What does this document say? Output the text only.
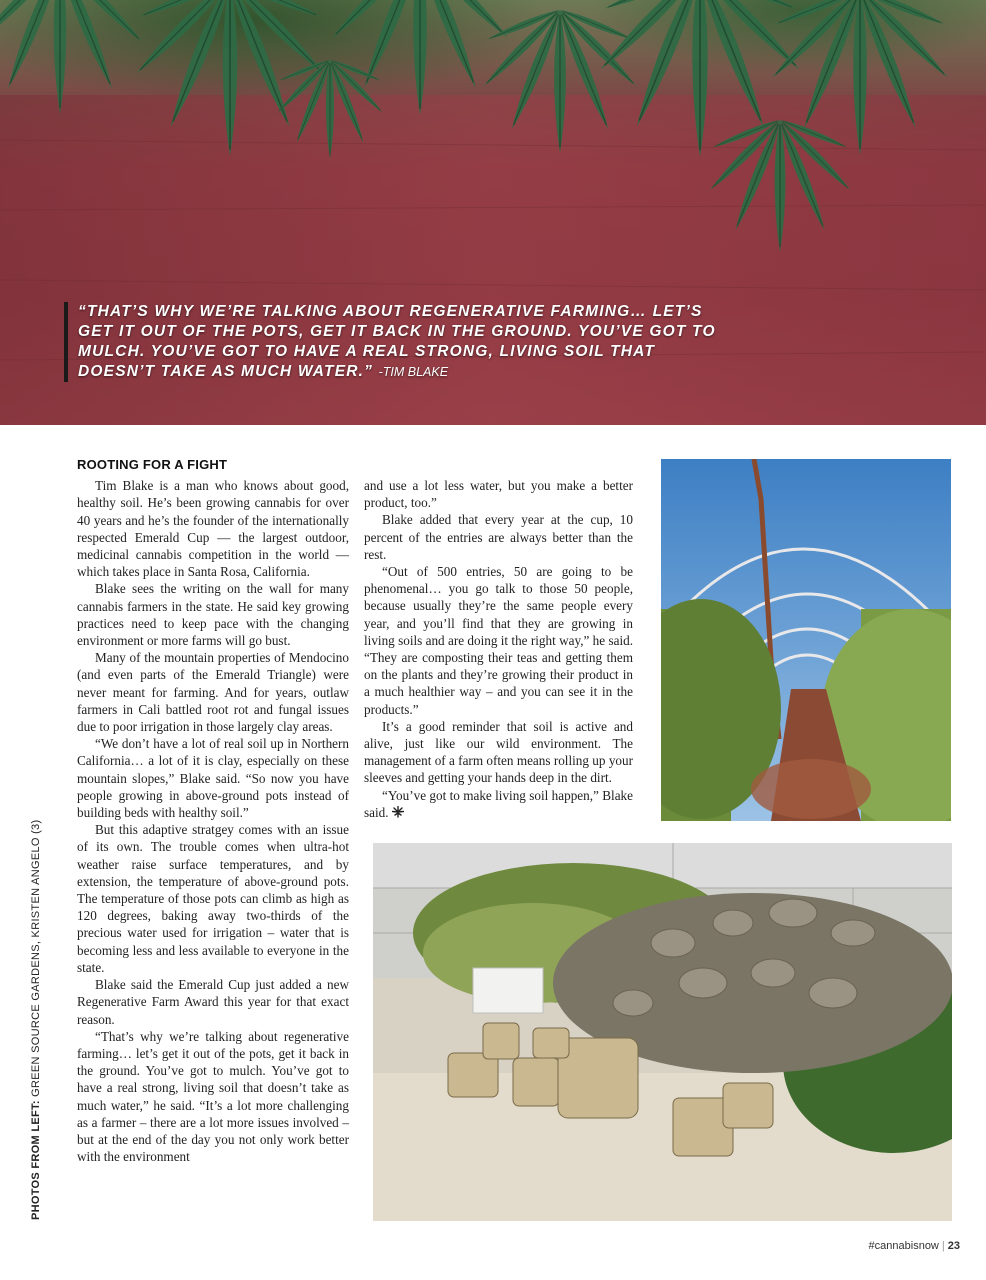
“THAT’S WHY WE’RE TALKING ABOUT REGENERATIVE FARMING… LET’S GET IT OUT OF THE POTS, GET IT BACK IN THE GROUND. YOU’VE GOT TO MULCH. YOU’VE GOT TO HAVE A REAL STRONG, LIVING SOIL THAT DOESN’T TAKE AS MUCH WATER.” -TIM BLAKE
ROOTING FOR A FIGHT

Tim Blake is a man who knows about good, healthy soil. He’s been growing cannabis for over 40 years and he’s the founder of the internationally respected Emerald Cup — the largest outdoor, medicinal cannabis competition in the world — which takes place in Santa Rosa, California.

Blake sees the writing on the wall for many cannabis farmers in the state. He said key growing practices need to keep pace with the changing environment or more farms will go bust.

Many of the mountain properties of Mendocino (and even parts of the Emerald Triangle) were never meant for farming. And for years, outlaw farmers in Cali battled root rot and fungal issues due to poor irrigation in those largely clay areas.

“We don’t have a lot of real soil up in Northern California… a lot of it is clay, especially on these mountain slopes,” Blake said. “So now you have people growing in above-ground pots instead of building beds with healthy soil.”

But this adaptive stratgey comes with an issue of its own. The trouble comes when ultra-hot weather raise surface temperatures, and by extension, the temperature of above-ground pots. The temperature of those pots can climb as high as 120 degrees, baking away two-thirds of the precious water used for irrigation – water that is becoming less and less available to everyone in the state.

Blake said the Emerald Cup just added a new Regenerative Farm Award this year for that exact reason.

“That’s why we’re talking about regenerative farming… let’s get it out of the pots, get it back in the ground. You’ve got to mulch. You’ve got to have a real strong, living soil that doesn’t take as much water,” he said. “It’s a lot more challenging as a farmer – there are a lot more issues involved – but at the end of the day you not only work better with the environment

and use a lot less water, but you make a better product, too.”

Blake added that every year at the cup, 10 percent of the entries are always better than the rest.

“Out of 500 entries, 50 are going to be phenomenal… you go talk to those 50 people, because usually they’re the same people every year, and you’ll find that they are growing in living soils and are doing it the right way,” he said. “They are composting their teas and getting them on the plants and they’re growing their product in a much healthier way – and you can see it in the products.”

It’s a good reminder that soil is active and alive, just like our wild environment. The management of a farm often means rolling up your sleeves and getting your hands deep in the dirt.

“You’ve got to make living soil happen,” Blake said.

PHOTOS FROM LEFT: GREEN SOURCE GARDENS, KRISTEN ANGELO (3)
#cannabisnow | 23
